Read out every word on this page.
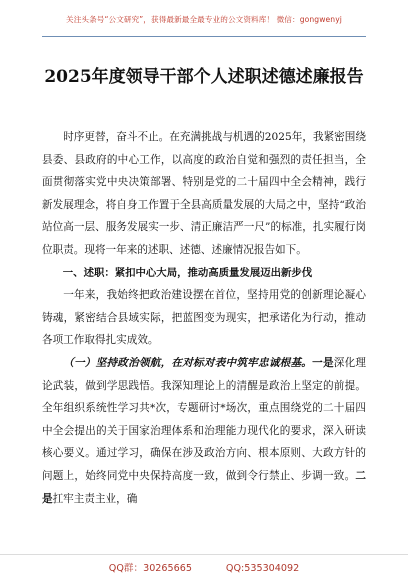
关注头条号“公文研究”，获得最新最全最专业的公文资料库！ 微信：gongwenyj
2025年度领导干部个人述职述德述廉报告

时序更替，奋斗不止。在充满挑战与机遇的2025年，我紧密围绕县委、县政府的中心工作，以高度的政治自觉和强烈的责任担当，全面贯彻落实党中央决策部署、特别是党的二十届四中全会精神，践行新发展理念，将自身工作置于全县高质量发展的大局之中，坚持“政治站位高一层、服务发展实一步、清正廉洁严一尺”的标准，扎实履行岗位职责。现将一年来的述职、述德、述廉情况报告如下。

一、述职：紧扣中心大局，推动高质量发展迈出新步伐

一年来，我始终把政治建设摆在首位，坚持用党的创新理论凝心铸魂，紧密结合县域实际，把蓝图变为现实，把承诺化为行动，推动各项工作取得扎实成效。

（一）坚持政治领航，在对标对表中筑牢忠诚根基。一是深化理论武装，做到学思践悟。我深知理论上的清醒是政治上坚定的前提。全年组织系统性学习共*次，专题研讨*场次，重点围绕党的二十届四中全会提出的关于国家治理体系和治理能力现代化的要求，深入研读核心要义。通过学习，确保在涉及政治方向、根本原则、大政方针的问题上，始终同党中央保持高度一致，做到令行禁止、步调一致。二是扛牢主责主业，确

QQ群：30265665	QQ:535304092
